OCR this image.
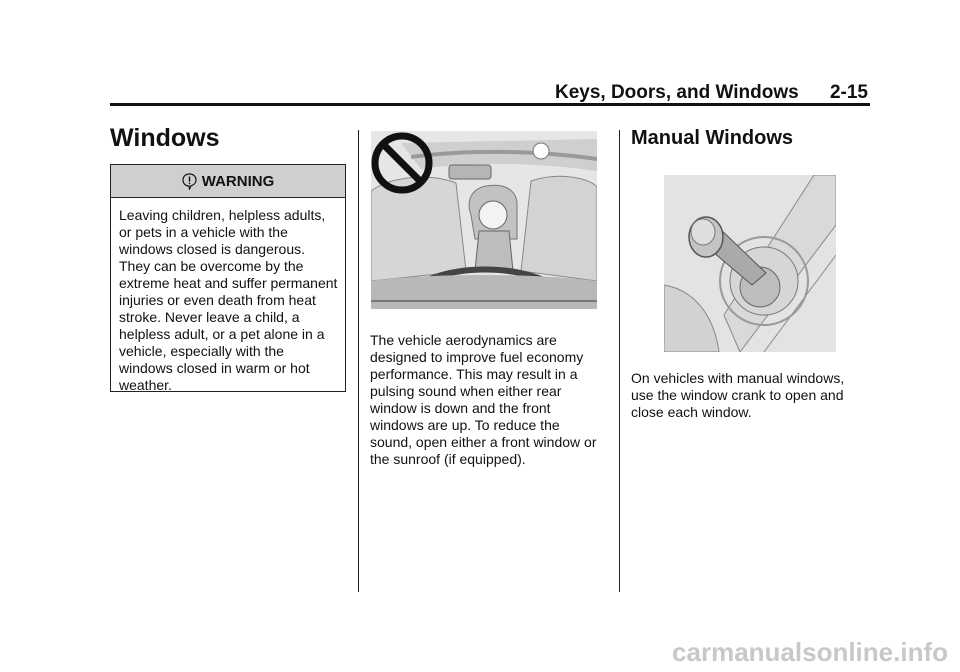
Keys, Doors, and Windows 2-15
Windows
WARNING
Leaving children, helpless adults, or pets in a vehicle with the windows closed is dangerous. They can be overcome by the extreme heat and suffer permanent injuries or even death from heat stroke. Never leave a child, a helpless adult, or a pet alone in a vehicle, especially with the windows closed in warm or hot weather.
The vehicle aerodynamics are designed to improve fuel economy performance. This may result in a pulsing sound when either rear window is down and the front windows are up. To reduce the sound, open either a front window or the sunroof (if equipped).
Manual Windows
On vehicles with manual windows, use the window crank to open and close each window.
carmanualsonline.info
